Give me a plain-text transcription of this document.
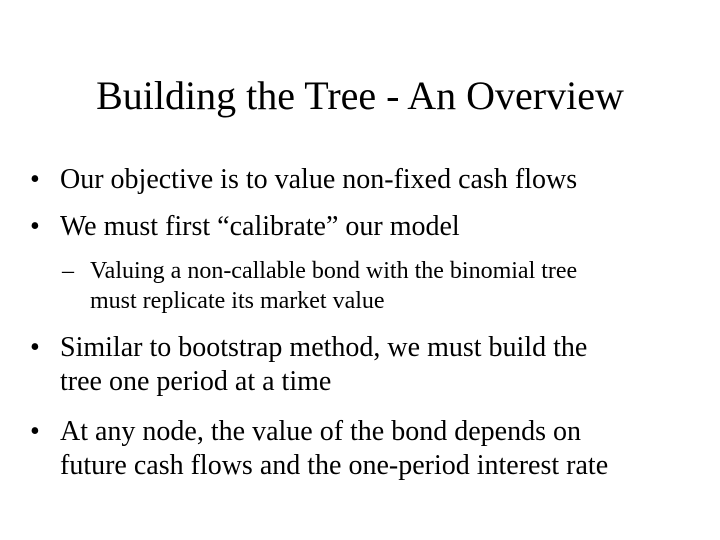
Building the Tree - An Overview
• Our objective is to value non-fixed cash flows
• We must first “calibrate” our model
– Valuing a non-callable bond with the binomial tree
must replicate its market value
• Similar to bootstrap method, we must build the
tree one period at a time
• At any node, the value of the bond depends on
future cash flows and the one-period interest rate
